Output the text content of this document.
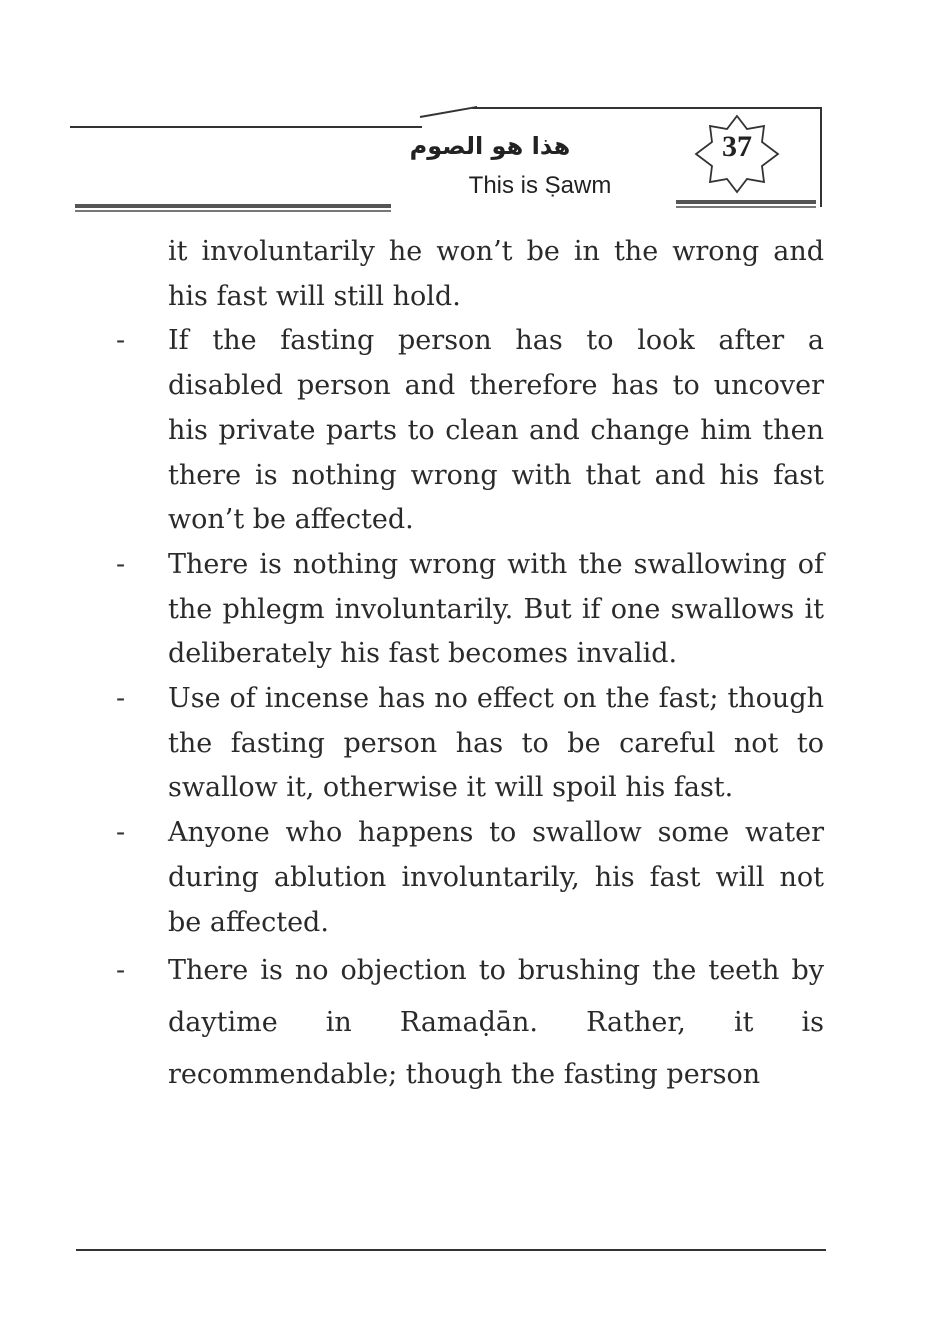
هذا هو الصوم
This is Ṣawm
37

it involuntarily he won’t be in the wrong and his fast will still hold.

- If the fasting person has to look after a disabled person and therefore has to uncover his private parts to clean and change him then there is nothing wrong with that and his fast won’t be affected.

- There is nothing wrong with the swallowing of the phlegm involuntarily. But if one swallows it deliberately his fast becomes invalid.

- Use of incense has no effect on the fast; though the fasting person has to be careful not to swallow it, otherwise it will spoil his fast.

- Anyone who happens to swallow some water during ablution involuntarily, his fast will not be affected.

- There is no objection to brushing the teeth by daytime in Ramaḍān. Rather, it is recommendable; though the fasting person
